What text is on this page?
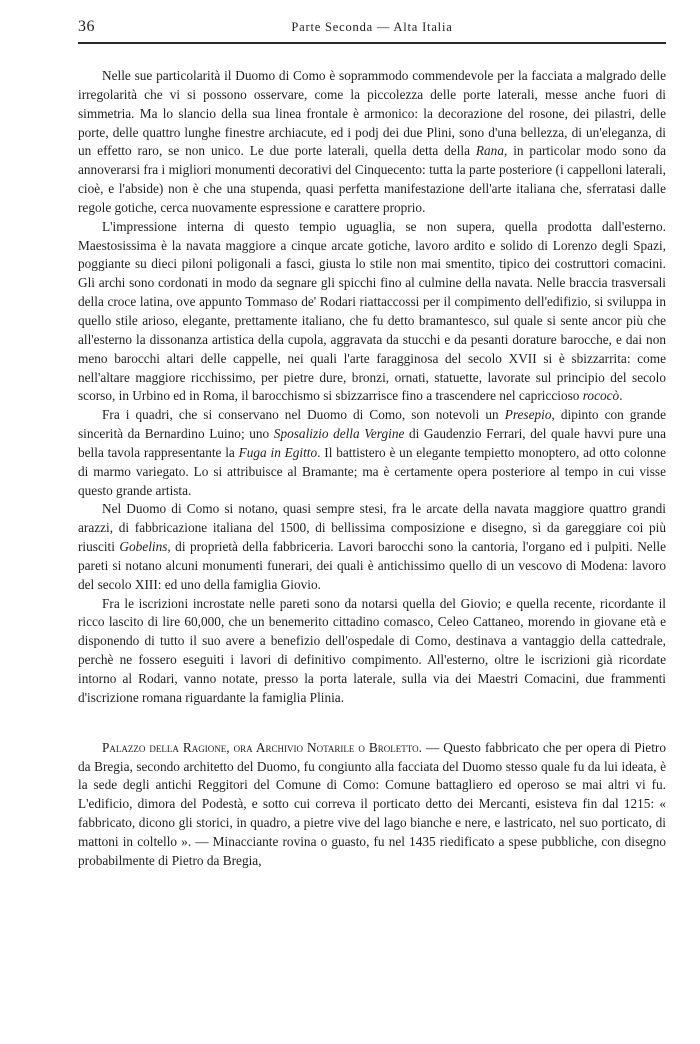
36	Parte Seconda — Alta Italia

Nelle sue particolarità il Duomo di Como è soprammodo commendevole per la facciata a malgrado delle irregolarità che vi si possono osservare, come la piccolezza delle porte laterali, messe anche fuori di simmetria. Ma lo slancio della sua linea frontale è armonico: la decorazione del rosone, dei pilastri, delle porte, delle quattro lunghe finestre archiacute, ed i podj dei due Plini, sono d'una bellezza, di un'eleganza, di un effetto raro, se non unico. Le due porte laterali, quella detta della Rana, in particolar modo sono da annoverarsi fra i migliori monumenti decorativi del Cinquecento: tutta la parte posteriore (i cappelloni laterali, cioè, e l'abside) non è che una stupenda, quasi perfetta manifestazione dell'arte italiana che, sferratasi dalle regole gotiche, cerca nuovamente espressione e carattere proprio.

L'impressione interna di questo tempio uguaglia, se non supera, quella prodotta dall'esterno. Maestosissima è la navata maggiore a cinque arcate gotiche, lavoro ardito e solido di Lorenzo degli Spazi, poggiante su dieci piloni poligonali a fasci, giusta lo stile non mai smentito, tipico dei costruttori comacini. Gli archi sono cordonati in modo da segnare gli spicchi fino al culmine della navata. Nelle braccia trasversali della croce latina, ove appunto Tommaso de' Rodari riattaccossi per il compimento dell'edifizio, si sviluppa in quello stile arioso, elegante, prettamente italiano, che fu detto bramantesco, sul quale si sente ancor più che all'esterno la dissonanza artistica della cupola, aggravata da stucchi e da pesanti dorature barocche, e dai non meno barocchi altari delle cappelle, nei quali l'arte faragginosa del secolo XVII si è sbizzarrita: come nell'altare maggiore ricchissimo, per pietre dure, bronzi, ornati, statuette, lavorate sul principio del secolo scorso, in Urbino ed in Roma, il barocchismo si sbizzarrisce fino a trascendere nel capriccioso rococò.

Fra i quadri, che si conservano nel Duomo di Como, son notevoli un Presepio, dipinto con grande sincerità da Bernardino Luino; uno Sposalizio della Vergine di Gaudenzio Ferrari, del quale havvi pure una bella tavola rappresentante la Fuga in Egitto. Il battistero è un elegante tempietto monoptero, ad otto colonne di marmo variegato. Lo si attribuisce al Bramante; ma è certamente opera posteriore al tempo in cui visse questo grande artista.

Nel Duomo di Como si notano, quasi sempre stesi, fra le arcate della navata maggiore quattro grandi arazzi, di fabbricazione italiana del 1500, di bellissima composizione e disegno, sì da gareggiare coi più riusciti Gobelins, di proprietà della fabbriceria. Lavori barocchi sono la cantoria, l'organo ed i pulpiti. Nelle pareti si notano alcuni monumenti funerari, dei quali è antichissimo quello di un vescovo di Modena: lavoro del secolo XIII: ed uno della famiglia Giovio.

Fra le iscrizioni incrostate nelle pareti sono da notarsi quella del Giovio; e quella recente, ricordante il ricco lascito di lire 60,000, che un benemerito cittadino comasco, Celeo Cattaneo, morendo in giovane età e disponendo di tutto il suo avere a benefizio dell'ospedale di Como, destinava a vantaggio della cattedrale, perchè ne fossero eseguiti i lavori di definitivo compimento. All'esterno, oltre le iscrizioni già ricordate intorno al Rodari, vanno notate, presso la porta laterale, sulla via dei Maestri Comacini, due frammenti d'iscrizione romana riguardante la famiglia Plinia.

Palazzo della Ragione, ora Archivio Notarile o Broletto. — Questo fabbricato che per opera di Pietro da Bregia, secondo architetto del Duomo, fu congiunto alla facciata del Duomo stesso quale fu da lui ideata, è la sede degli antichi Reggitori del Comune di Como: Comune battagliero ed operoso se mai altri vi fu. L'edificio, dimora del Podestà, e sotto cui correva il porticato detto dei Mercanti, esisteva fin dal 1215: « fabbricato, dicono gli storici, in quadro, a pietre vive del lago bianche e nere, e lastricato, nel suo porticato, di mattoni in coltello ». — Minacciante rovina o guasto, fu nel 1435 riedificato a spese pubbliche, con disegno probabilmente di Pietro da Bregia,
